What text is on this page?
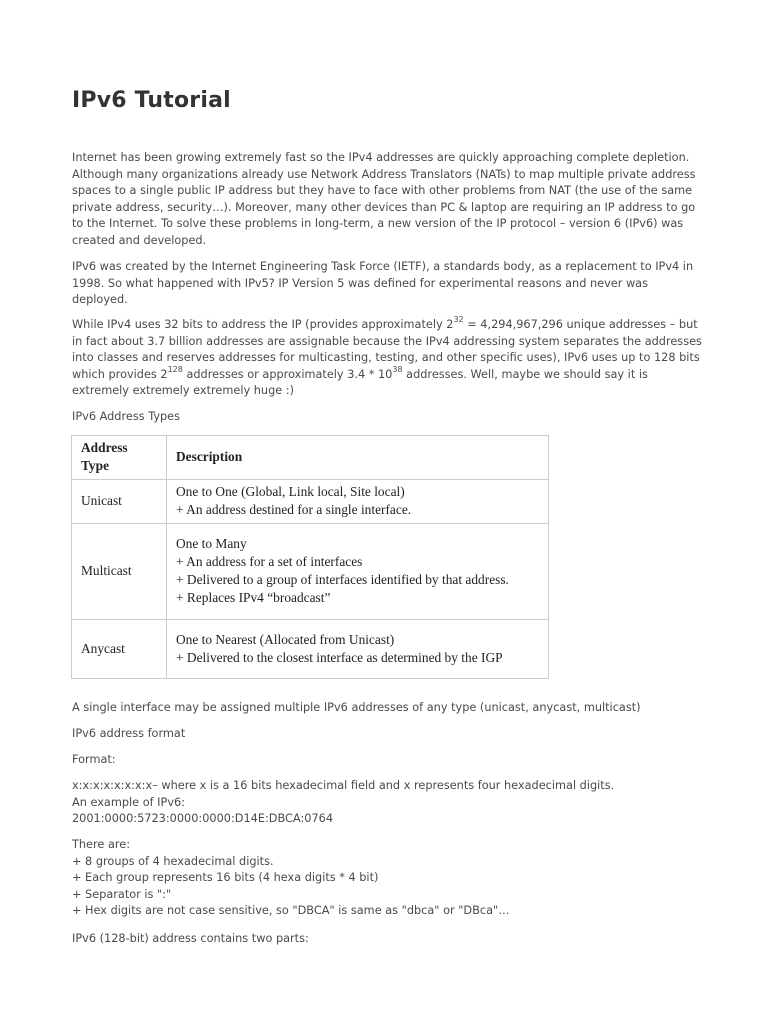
IPv6 Tutorial

Internet has been growing extremely fast so the IPv4 addresses are quickly approaching complete depletion. Although many organizations already use Network Address Translators (NATs) to map multiple private address spaces to a single public IP address but they have to face with other problems from NAT (the use of the same private address, security…). Moreover, many other devices than PC & laptop are requiring an IP address to go to the Internet. To solve these problems in long-term, a new version of the IP protocol – version 6 (IPv6) was created and developed.

IPv6 was created by the Internet Engineering Task Force (IETF), a standards body, as a replacement to IPv4 in 1998. So what happened with IPv5? IP Version 5 was defined for experimental reasons and never was deployed.

While IPv4 uses 32 bits to address the IP (provides approximately $2^{32} = 4,294,967,296$ unique addresses – but in fact about 3.7 billion addresses are assignable because the IPv4 addressing system separates the addresses into classes and reserves addresses for multicasting, testing, and other specific uses), IPv6 uses up to 128 bits which provides $2^{128}$ addresses or approximately $3.4 * 10^{38}$ addresses. Well, maybe we should say it is extremely extremely extremely huge :)

IPv6 Address Types

Address Type	Description
Unicast	One to One (Global, Link local, Site local)
+ An address destined for a single interface.

Multicast	One to Many
+ An address for a set of interfaces
+ Delivered to a group of interfaces identified by that address.
+ Replaces IPv4 “broadcast”

Anycast	One to Nearest (Allocated from Unicast)
+ Delivered to the closest interface as determined by the IGP

A single interface may be assigned multiple IPv6 addresses of any type (unicast, anycast, multicast)

IPv6 address format

Format:

x:x:x:x:x:x:x:x– where x is a 16 bits hexadecimal field and x represents four hexadecimal digits.
An example of IPv6:
2001:0000:5723:0000:0000:D14E:DBCA:0764

There are:
+ 8 groups of 4 hexadecimal digits.
+ Each group represents 16 bits (4 hexa digits * 4 bit)
+ Separator is ":"
+ Hex digits are not case sensitive, so "DBCA" is same as "dbca" or "DBca"…

IPv6 (128-bit) address contains two parts:
